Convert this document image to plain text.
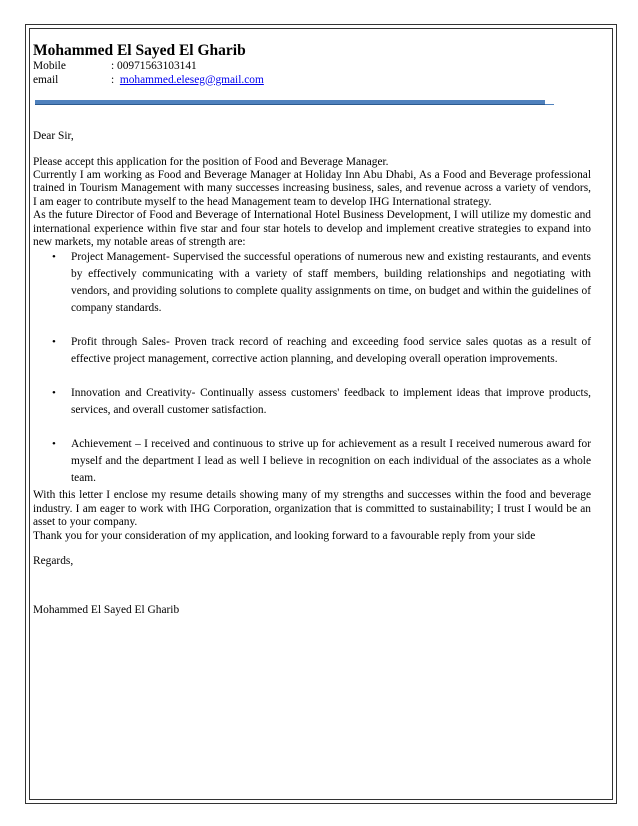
Mohammed El Sayed El Gharib
Mobile	: 00971563103141
email	:
mohammed.eleseg@gmail.com

Dear Sir,

Please accept this application for the position of Food and Beverage Manager.

Currently I am working as Food and Beverage Manager at Holiday Inn Abu Dhabi, As a Food and Beverage professional trained in Tourism Management with many successes increasing business, sales, and revenue across a variety of vendors, I am eager to contribute myself to the head Management team to develop IHG International strategy.

As the future Director of Food and Beverage of International Hotel Business Development, I will utilize my domestic and international experience within five star and four star hotels to develop and implement creative strategies to expand into new markets, my notable areas of strength are:

• Project Management- Supervised the successful operations of numerous new and existing restaurants, and events by effectively communicating with a variety of staff members, building relationships and negotiating with vendors, and providing solutions to complete quality assignments on time, on budget and within the guidelines of company standards.
• Profit through Sales- Proven track record of reaching and exceeding food service sales quotas as a result of effective project management, corrective action planning, and developing overall operation improvements.
• Innovation and Creativity- Continually assess customers' feedback to implement ideas that improve products, services, and overall customer satisfaction.
• Achievement – I received and continuous to strive up for achievement as a result I received numerous award for myself and the department I lead as well I believe in recognition on each individual of the associates as a whole team.

With this letter I enclose my resume details showing many of my strengths and successes within the food and beverage industry. I am eager to work with IHG Corporation, organization that is committed to sustainability; I trust I would be an asset to your company.

Thank you for your consideration of my application, and looking forward to a favourable reply from your side

Regards,

Mohammed El Sayed El Gharib
